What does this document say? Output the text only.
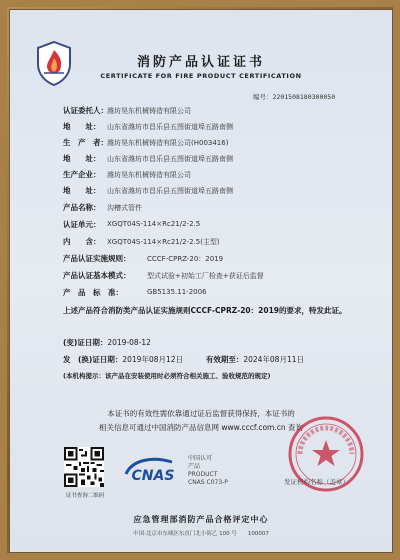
消防产品认证证书
CERTIFICATE FOR FIRE PRODUCT CERTIFICATION
编号：2201508180300050
认证委托人： 潍坊昊东机械铸造有限公司
地　　址： 山东省潍坊市昌乐县五图街道埠五路南侧
生　产　者： 潍坊昊东机械铸造有限公司(H003416)
地　　址： 山东省潍坊市昌乐县五图街道埠五路南侧
生产企业： 潍坊昊东机械铸造有限公司
地　　址： 山东省潍坊市昌乐县五图街道埠五路南侧
产品名称： 沟槽式管件
认证单元： XGQT04S-114×Rc21/2-2.5
内　　含： XGQT04S-114×Rc21/2-2.5(主型)
产品认证实施规则： CCCF-CPRZ-20：2019
产品认证基本模式： 型式试验+初始工厂检查+获证后监督
产　品　标　准：	GB5135.11-2006
上述产品符合消防类产品认证实施规则CCCF-CPRZ-20：2019的要求，特发此证。
(变)证日期：2019-08-12
发　(换)证日期：2019年08月12日	有效期至：2024年08月11日
(本机构提示：该产品在安装使用时必须符合相关施工、验收规范的规定)
本证书的有效性需依靠通过证后监督获得保持，本证书的
相关信息可通过中国消防产品信息网 www.cccf.com.cn 查询
证书查询二维码
CNAS
中国认可
产品
PRODUCT
CNAS C073-P	发证机构名称（盖章）
应急管理部消防产品合格评定中心
中国·北京市东城区东直门北小街乙 100 号　　100007
